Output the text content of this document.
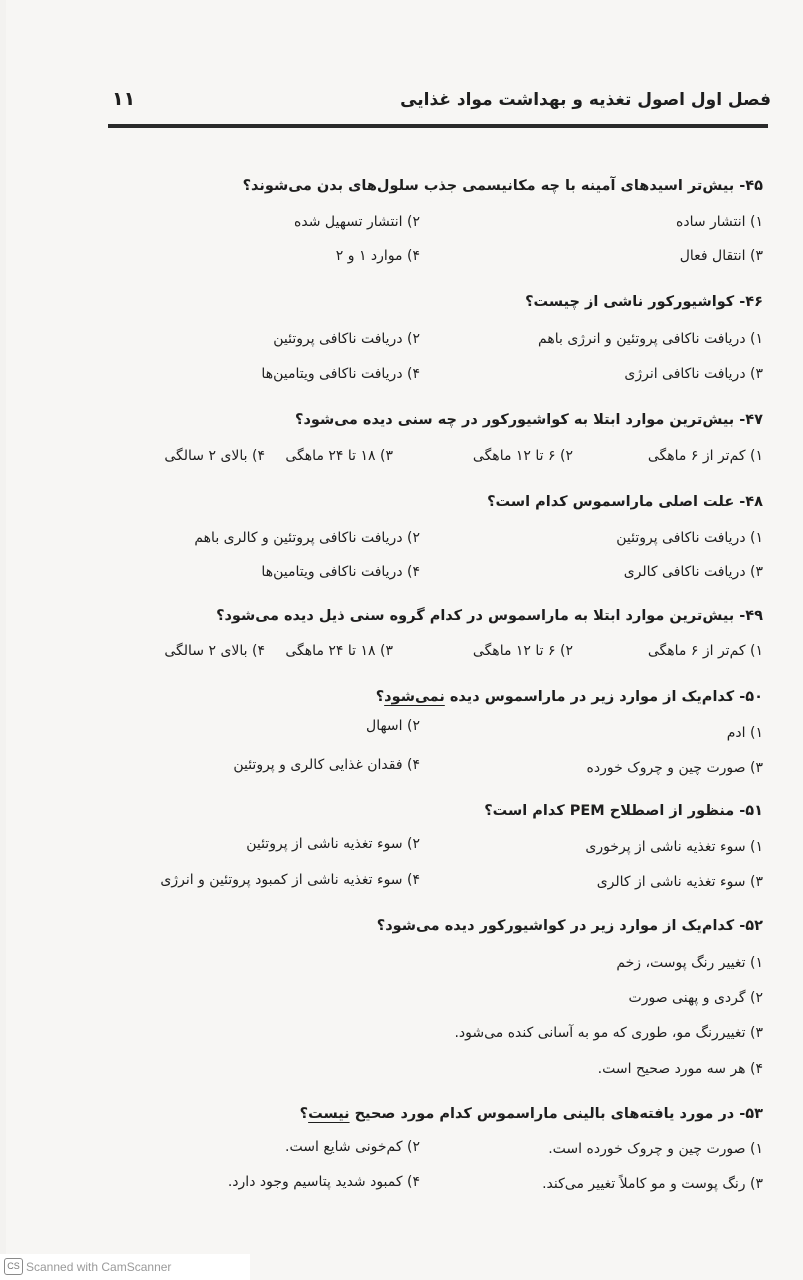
فصل اول اصول تغذیه و بهداشت مواد غذایی
۱۱
۴۵- بیش‌تر اسیدهای آمینه با چه مکانیسمی جذب سلول‌های بدن می‌شوند؟
۱) انتشار ساده
۲) انتشار تسهیل شده
۳) انتقال فعال
۴) موارد ۱ و ۲
۴۶- کواشیورکور ناشی از چیست؟
۱) دریافت ناکافی پروتئین و انرژی باهم
۲) دریافت ناکافی پروتئین
۳) دریافت ناکافی انرژی
۴) دریافت ناکافی ویتامین‌ها
۴۷- بیش‌ترین موارد ابتلا به کواشیورکور در چه سنی دیده می‌شود؟
۱) کم‌تر از ۶ ماهگی
۲) ۶ تا ۱۲ ماهگی
۳) ۱۸ تا ۲۴ ماهگی
۴) بالای ۲ سالگی
۴۸- علت اصلی ماراسموس کدام است؟
۱) دریافت ناکافی پروتئین
۲) دریافت ناکافی پروتئین و کالری باهم
۳) دریافت ناکافی کالری
۴) دریافت ناکافی ویتامین‌ها
۴۹- بیش‌ترین موارد ابتلا به ماراسموس در کدام گروه سنی ذیل دیده می‌شود؟
۱) کم‌تر از ۶ ماهگی
۲) ۶ تا ۱۲ ماهگی
۳) ۱۸ تا ۲۴ ماهگی
۴) بالای ۲ سالگی
۵۰- کدام‌یک از موارد زیر در ماراسموس دیده نمی‌شود؟
۱) ادم
۲) اسهال
۳) صورت چین و چروک خورده
۴) فقدان غذایی کالری و پروتئین
۵۱- منظور از اصطلاح PEM کدام است؟
۱) سوء تغذیه ناشی از پرخوری
۲) سوء تغذیه ناشی از پروتئین
۳) سوء تغذیه ناشی از کالری
۴) سوء تغذیه ناشی از کمبود پروتئین و انرژی
۵۲- کدام‌یک از موارد زیر در کواشیورکور دیده می‌شود؟
۱) تغییر رنگ پوست، زخم
۲) گردی و پهنی صورت
۳) تغییررنگ مو، طوری که مو به آسانی کنده می‌شود.
۴) هر سه مورد صحیح است.
۵۳- در مورد یافته‌های بالینی ماراسموس کدام مورد صحیح نیست؟
۱) صورت چین و چروک خورده است.
۲) کم‌خونی شایع است.
۳) رنگ پوست و مو کاملاً تغییر می‌کند.
۴) کمبود شدید پتاسیم وجود دارد.
CS Scanned with CamScanner
